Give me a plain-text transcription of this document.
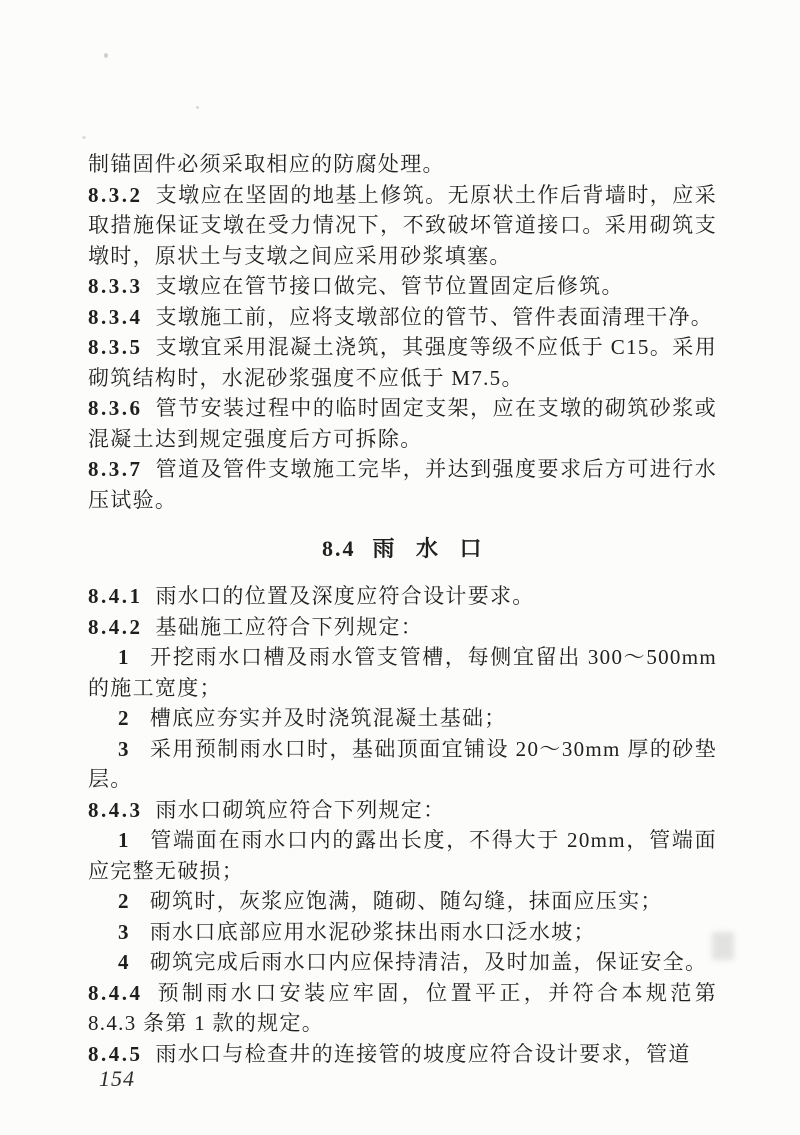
制锚固件必须采取相应的防腐处理。

8.3.2 支墩应在坚固的地基上修筑。无原状土作后背墙时，应采取措施保证支墩在受力情况下，不致破坏管道接口。采用砌筑支墩时，原状土与支墩之间应采用砂浆填塞。

8.3.3 支墩应在管节接口做完、管节位置固定后修筑。

8.3.4 支墩施工前，应将支墩部位的管节、管件表面清理干净。

8.3.5 支墩宜采用混凝土浇筑，其强度等级不应低于 C15。采用砌筑结构时，水泥砂浆强度不应低于 M7.5。

8.3.6 管节安装过程中的临时固定支架，应在支墩的砌筑砂浆或混凝土达到规定强度后方可拆除。

8.3.7 管道及管件支墩施工完毕，并达到强度要求后方可进行水压试验。

8.4 雨 水 口

8.4.1 雨水口的位置及深度应符合设计要求。

8.4.2 基础施工应符合下列规定：

1 开挖雨水口槽及雨水管支管槽，每侧宜留出 300～500mm 的施工宽度；

2 槽底应夯实并及时浇筑混凝土基础；

3 采用预制雨水口时，基础顶面宜铺设 20～30mm 厚的砂垫层。

8.4.3 雨水口砌筑应符合下列规定：

1 管端面在雨水口内的露出长度，不得大于 20mm，管端面应完整无破损；

2 砌筑时，灰浆应饱满，随砌、随勾缝，抹面应压实；

3 雨水口底部应用水泥砂浆抹出雨水口泛水坡；

4 砌筑完成后雨水口内应保持清洁，及时加盖，保证安全。

8.4.4 预制雨水口安装应牢固，位置平正，并符合本规范第 8.4.3 条第 1 款的规定。

8.4.5 雨水口与检查井的连接管的坡度应符合设计要求，管道

154
